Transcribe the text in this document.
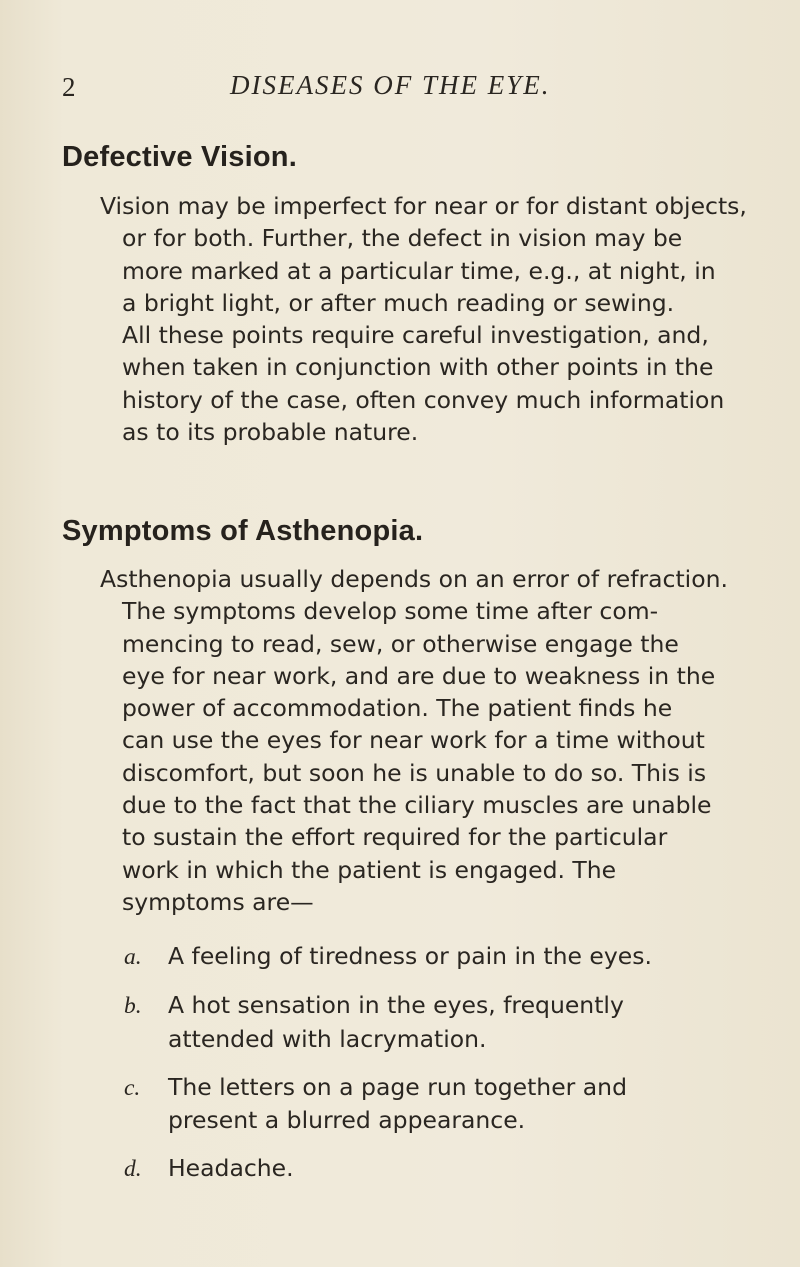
2	DISEASES OF THE EYE.
Defective Vision.
Vision may be imperfect for near or for distant objects,
or for both. Further, the defect in vision may be
more marked at a particular time, e.g., at night, in
a bright light, or after much reading or sewing.
All these points require careful investigation, and,
when taken in conjunction with other points in the
history of the case, often convey much information
as to its probable nature.
Symptoms of Asthenopia.
Asthenopia usually depends on an error of refraction.
The symptoms develop some time after com-
mencing to read, sew, or otherwise engage the
eye for near work, and are due to weakness in the
power of accommodation. The patient finds he
can use the eyes for near work for a time without
discomfort, but soon he is unable to do so. This is
due to the fact that the ciliary muscles are unable
to sustain the effort required for the particular
work in which the patient is engaged. The
symptoms are—
a. A feeling of tiredness or pain in the eyes.
b. A hot sensation in the eyes, frequently
attended with lacrymation.
c. The letters on a page run together and
present a blurred appearance.
d. Headache.
